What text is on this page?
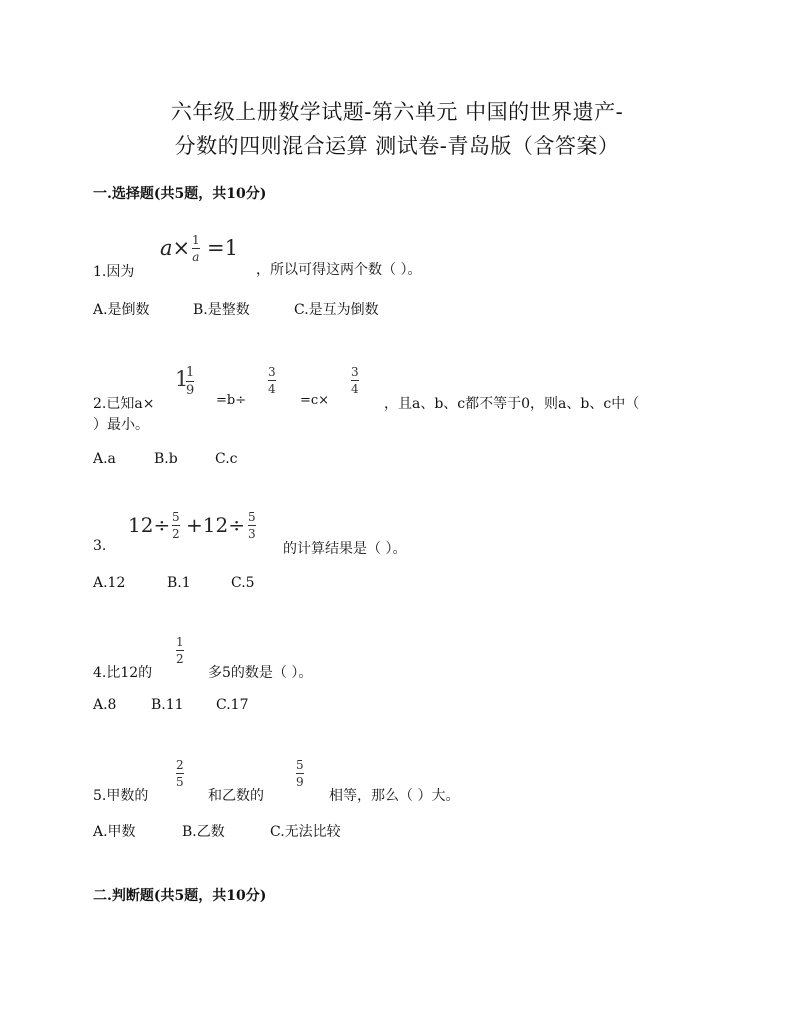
六年级上册数学试题-第六单元 中国的世界遗产-
分数的四则混合运算 测试卷-青岛版（含答案）
一.选择题(共5题，共10分)
a× 1
a =1
1.因为	，所以可得这两个数（ ）。
A.是倒数	B.是整数	C.是互为倒数
2.已知a×
1
1
9
=b÷
3
4
=c×
3
4
，且a、b、c都不等于0，则a、b、c中（
）最小。
A.a	B.b	C.c
3.
12÷ 5
2 +12÷ 5
3
的计算结果是（ ）。
A.12	B.1	C.5
4.比12的
1
2
多5的数是（ ）。
A.8 B.11 C.17
5.甲数的
2
5
和乙数的
5
9
相等，那么（ ）大。
A.甲数	B.乙数	C.无法比较
二.判断题(共5题，共10分)
